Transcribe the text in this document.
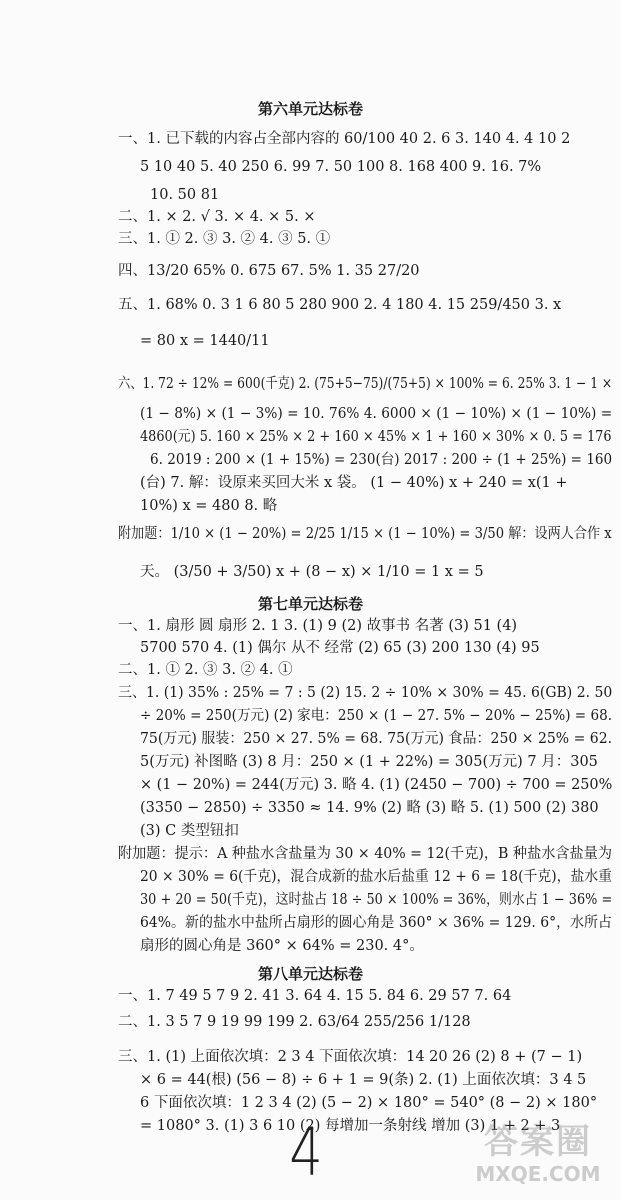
第六单元达标卷
一、1. 已下载的内容占全部内容的 60/100 40 2. 6 3. 140 4. 4 10 2
5 10 40 5. 40 250 6. 99 7. 50 100 8. 168 400 9. 16. 7%
10. 50 81
二、1. × 2. √ 3. × 4. × 5. ×
三、1. ① 2. ③ 3. ② 4. ③ 5. ①
四、13/20 65% 0. 675 67. 5% 1. 35 27/20
五、1. 68% 0. 3 1 6 80 5 280 900 2. 4 180 4. 15 259/450 3. x
= 80 x = 1440/11
六、1. 72 ÷ 12% = 600(千克) 2. (75+5−75)/(75+5) × 100% = 6. 25% 3. 1 − 1 ×
(1 − 8%) × (1 − 3%) = 10. 76% 4. 6000 × (1 − 10%) × (1 − 10%) =
4860(元) 5. 160 × 25% × 2 + 160 × 45% × 1 + 160 × 30% × 0. 5 = 176
6. 2019 : 200 × (1 + 15%) = 230(台) 2017 : 200 ÷ (1 + 25%) = 160
(台) 7. 解：设原来买回大米 x 袋。 (1 − 40%) x + 240 = x(1 +
10%) x = 480 8. 略
附加题：1/10 × (1 − 20%) = 2/25 1/15 × (1 − 10%) = 3/50 解：设两人合作 x
天。 (3/50 + 3/50) x + (8 − x) × 1/10 = 1 x = 5
第七单元达标卷
一、1. 扇形 圆 扇形 2. 1 3. (1) 9 (2) 故事书 名著 (3) 51 (4)
5700 570 4. (1) 偶尔 从不 经常 (2) 65 (3) 200 130 (4) 95
二、1. ① 2. ③ 3. ② 4. ①
三、1. (1) 35% : 25% = 7 : 5 (2) 15. 2 ÷ 10% × 30% = 45. 6(GB) 2. 50
÷ 20% = 250(万元) (2) 家电：250 × (1 − 27. 5% − 20% − 25%) = 68.
75(万元) 服装：250 × 27. 5% = 68. 75(万元) 食品：250 × 25% = 62.
5(万元) 补图略 (3) 8 月：250 × (1 + 22%) = 305(万元) 7 月：305
× (1 − 20%) = 244(万元) 3. 略 4. (1) (2450 − 700) ÷ 700 = 250%
(3350 − 2850) ÷ 3350 ≈ 14. 9% (2) 略 (3) 略 5. (1) 500 (2) 380
(3) C 类型钮扣
附加题：提示：A 种盐水含盐量为 30 × 40% = 12(千克)，B 种盐水含盐量为
20 × 30% = 6(千克)，混合成新的盐水后盐重 12 + 6 = 18(千克)，盐水重
30 + 20 = 50(千克)，这时盐占 18 ÷ 50 × 100% = 36%，则水占 1 − 36% =
64%。新的盐水中盐所占扇形的圆心角是 360° × 36% = 129. 6°，水所占
扇形的圆心角是 360° × 64% = 230. 4°。
第八单元达标卷
一、1. 7 49 5 7 9 2. 41 3. 64 4. 15 5. 84 6. 29 57 7. 64
二、1. 3 5 7 9 19 99 199 2. 63/64 255/256 1/128
三、1. (1) 上面依次填：2 3 4 下面依次填：14 20 26 (2) 8 + (7 − 1)
× 6 = 44(根) (56 − 8) ÷ 6 + 1 = 9(条) 2. (1) 上面依次填：3 4 5
6 下面依次填：1 2 3 4 (2) (5 − 2) × 180° = 540° (8 − 2) × 180°
= 1080° 3. (1) 3 6 10 (2) 每增加一条射线 增加 (3) 1 + 2 + 3
4	答案圈
MXQE.COM
